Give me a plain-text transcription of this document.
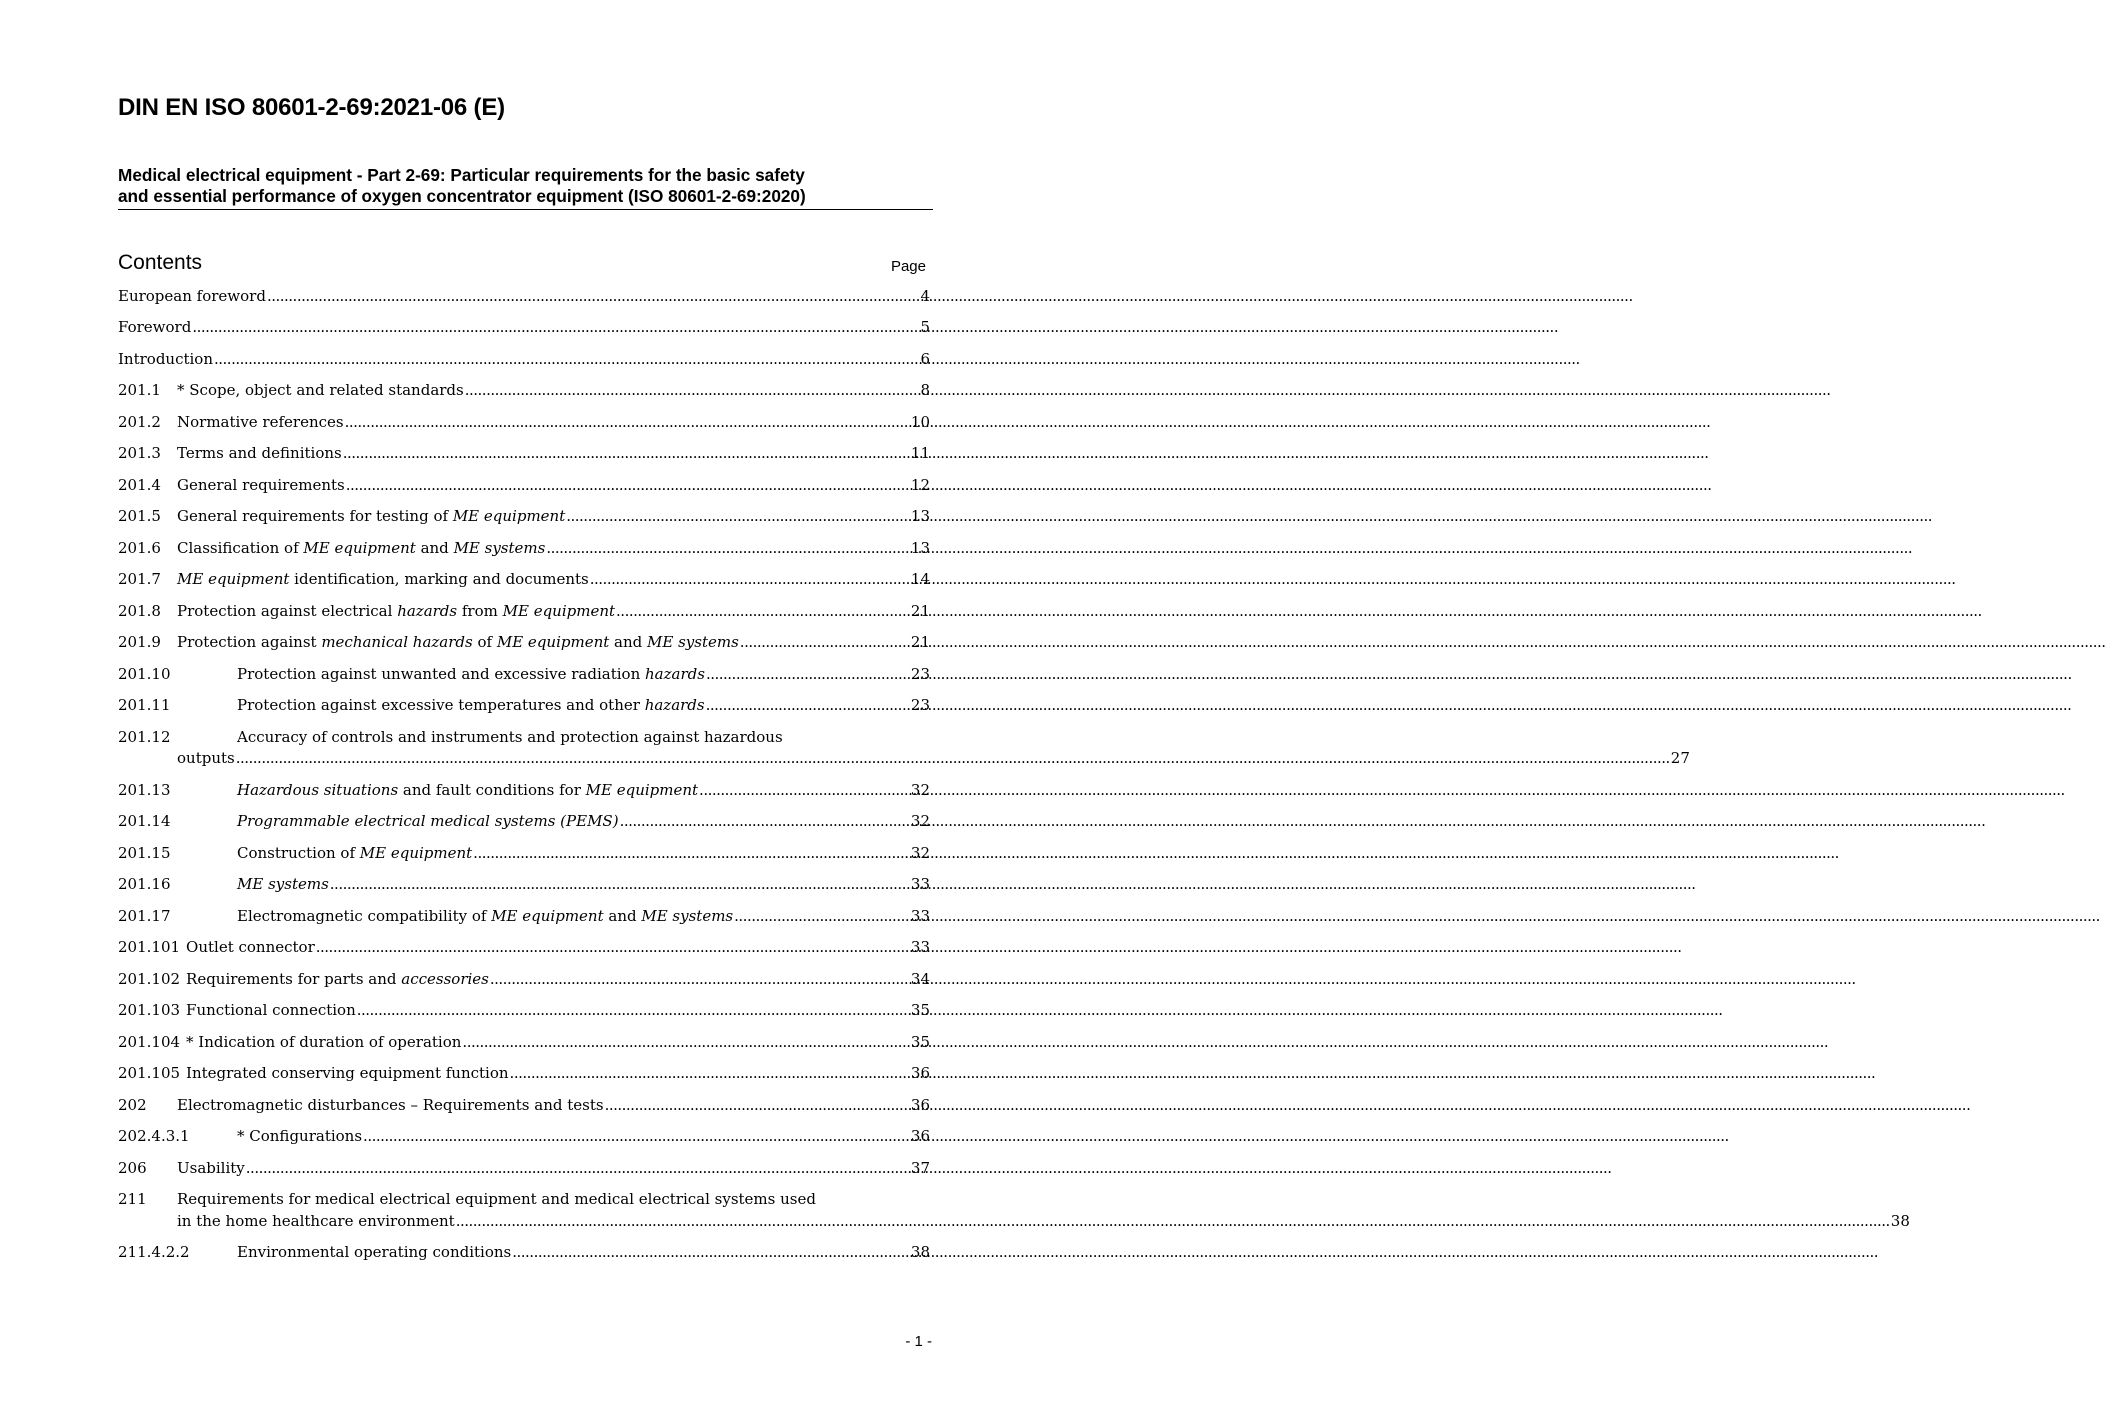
DIN EN ISO 80601-2-69:2021-06 (E)
Medical electrical equipment - Part 2-69: Particular requirements for the basic safety
and essential performance of oxygen concentrator equipment (ISO 80601-2-69:2020)
Contents	Page
European foreword .....	4
Foreword .....	5
Introduction .....	6
201.1	* Scope, object and related standards .....	8
201.2	Normative references .....	10
201.3	Terms and definitions .....	11
201.4	General requirements .....	12
201.5	General requirements for testing of ME equipment .....	13
201.6	Classification of ME equipment and ME systems .....	13
201.7	ME equipment identification, marking and documents .....	14
201.8	Protection against electrical hazards from ME equipment .....	21
201.9	Protection against mechanical hazards of ME equipment and ME systems .....	21
201.10	Protection against unwanted and excessive radiation hazards .....	23
201.11	Protection against excessive temperatures and other hazards .....	23
201.12	Accuracy of controls and instruments and protection against hazardous
outputs ................................................................................................................................................................................................................................................................................................................................................ 27
201.13	Hazardous situations and fault conditions for ME equipment .....	32
201.14	Programmable electrical medical systems (PEMS) .....	32
201.15	Construction of ME equipment .....	32
201.16	ME systems .....	33
201.17	Electromagnetic compatibility of ME equipment and ME systems .....	33
201.101 Outlet connector .....	33
201.102 Requirements for parts and accessories .....	34
201.103 Functional connection .....	35
201.104 * Indication of duration of operation .....	35
201.105 Integrated conserving equipment function .....	36
202	Electromagnetic disturbances – Requirements and tests .....	36
202.4.3.1	* Configurations .....	36
206	Usability .....	37
211	Requirements for medical electrical equipment and medical electrical systems used
in the home healthcare environment ................................................................................................................................................................................................................................................................................................................................................ 38
211.4.2.2	Environmental operating conditions .....	38
- 1 -
